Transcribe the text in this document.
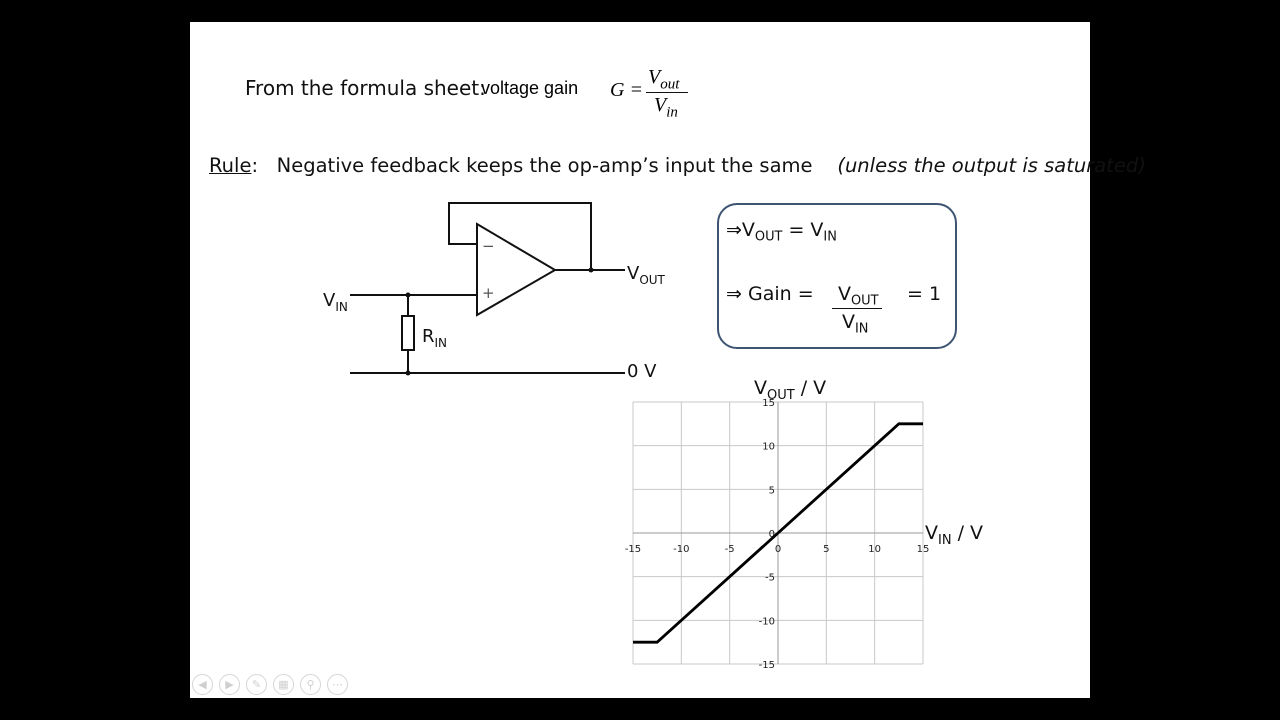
From the formula sheet:
voltage gain G =
$V_{out}$
$V_{in}$
Rule: Negative feedback keeps the op-amp’s input the same (unless the output is saturated)
−
+
$V_{IN}$
$R_{IN}$
$V_{OUT}$
0 V
$\Rightarrow V_{OUT} = V_{IN}$
⇒ Gain = $V_{OUT}$
$V_{IN}$
= 1
-15	-10	-5	0	5	10	15
-15
-10
-5
0
5
10
15
$V_{OUT}$ / V
$V_{IN}$ / V
◀	▶	✎	▦	⚲	⋯
